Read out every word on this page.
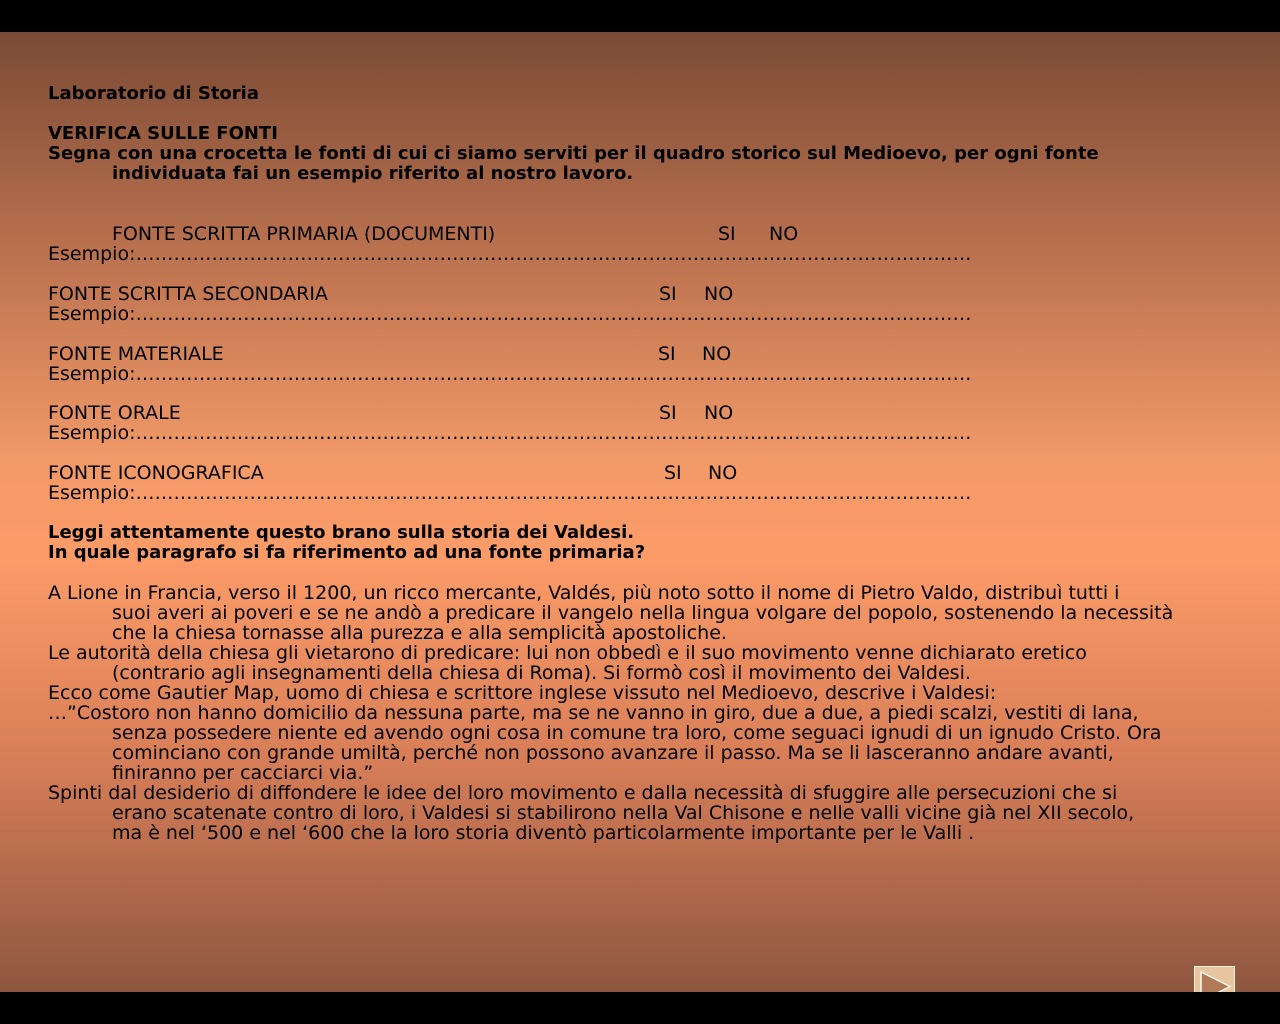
Laboratorio di Storia
VERIFICA SULLE FONTI
Segna con una crocetta le fonti di cui ci siamo serviti per il quadro storico sul Medioevo, per ogni fonte
individuata fai un esempio riferito al nostro lavoro.
FONTE SCRITTA PRIMARIA (DOCUMENTI)	SI NO
Esempio:……………………………………………………………………………………………………………………
FONTE SCRITTA SECONDARIA	SI NO
Esempio:……………………………………………………………………………………………………………………
FONTE MATERIALE	SI NO
Esempio:……………………………………………………………………………………………………………………
FONTE ORALE	SI NO
Esempio:……………………………………………………………………………………………………………………
FONTE ICONOGRAFICA	SI NO
Esempio:……………………………………………………………………………………………………………………
Leggi attentamente questo brano sulla storia dei Valdesi.
In quale paragrafo si fa riferimento ad una fonte primaria?
A Lione in Francia, verso il 1200, un ricco mercante, Valdés, più noto sotto il nome di Pietro Valdo, distribuì tutti i
suoi averi ai poveri e se ne andò a predicare il vangelo nella lingua volgare del popolo, sostenendo la necessità
che la chiesa tornasse alla purezza e alla semplicità apostoliche.
Le autorità della chiesa gli vietarono di predicare: lui non obbedì e il suo movimento venne dichiarato eretico
(contrario agli insegnamenti della chiesa di Roma). Si formò così il movimento dei Valdesi.
Ecco come Gautier Map, uomo di chiesa e scrittore inglese vissuto nel Medioevo, descrive i Valdesi:
…”Costoro non hanno domicilio da nessuna parte, ma se ne vanno in giro, due a due, a piedi scalzi, vestiti di lana,
senza possedere niente ed avendo ogni cosa in comune tra loro, come seguaci ignudi di un ignudo Cristo. Ora
cominciano con grande umiltà, perché non possono avanzare il passo. Ma se li lasceranno andare avanti,
finiranno per cacciarci via.”
Spinti dal desiderio di diffondere le idee del loro movimento e dalla necessità di sfuggire alle persecuzioni che si
erano scatenate contro di loro, i Valdesi si stabilirono nella Val Chisone e nelle valli vicine già nel XII secolo,
ma è nel ‘500 e nel ‘600 che la loro storia diventò particolarmente importante per le Valli .
